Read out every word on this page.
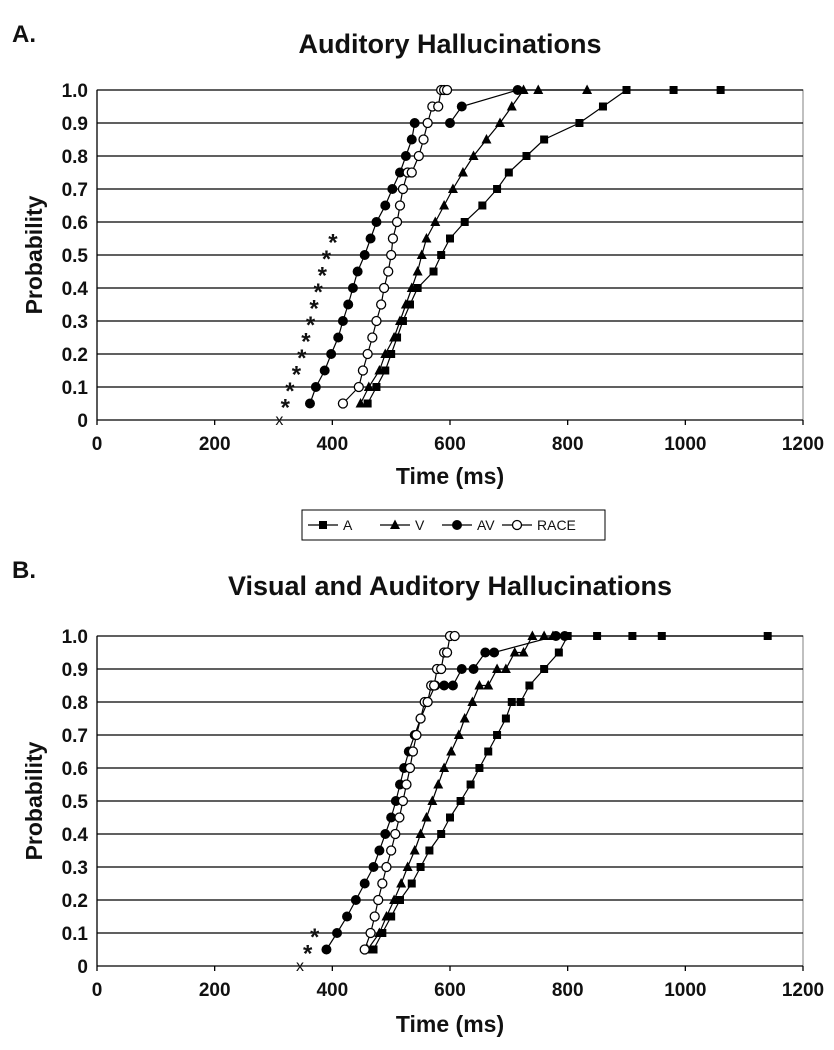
A.	Auditory Hallucinations
0
0.1
0.2
0.3
0.4
0.5
0.6
0.7
0.8
0.9
1.0
0	200	400	600	800	1000	1200
Time (ms)
Probability
x
*
*
*
*
*
*
*
*
*
*
*
A	V	AV	RACE
B.
Visual and Auditory Hallucinations
0
0.1
0.2
0.3
0.4
0.5
0.6
0.7
0.8
0.9
1.0
0	200	400	600	800	1000	1200
Time (ms)
Probability
x
*
*
